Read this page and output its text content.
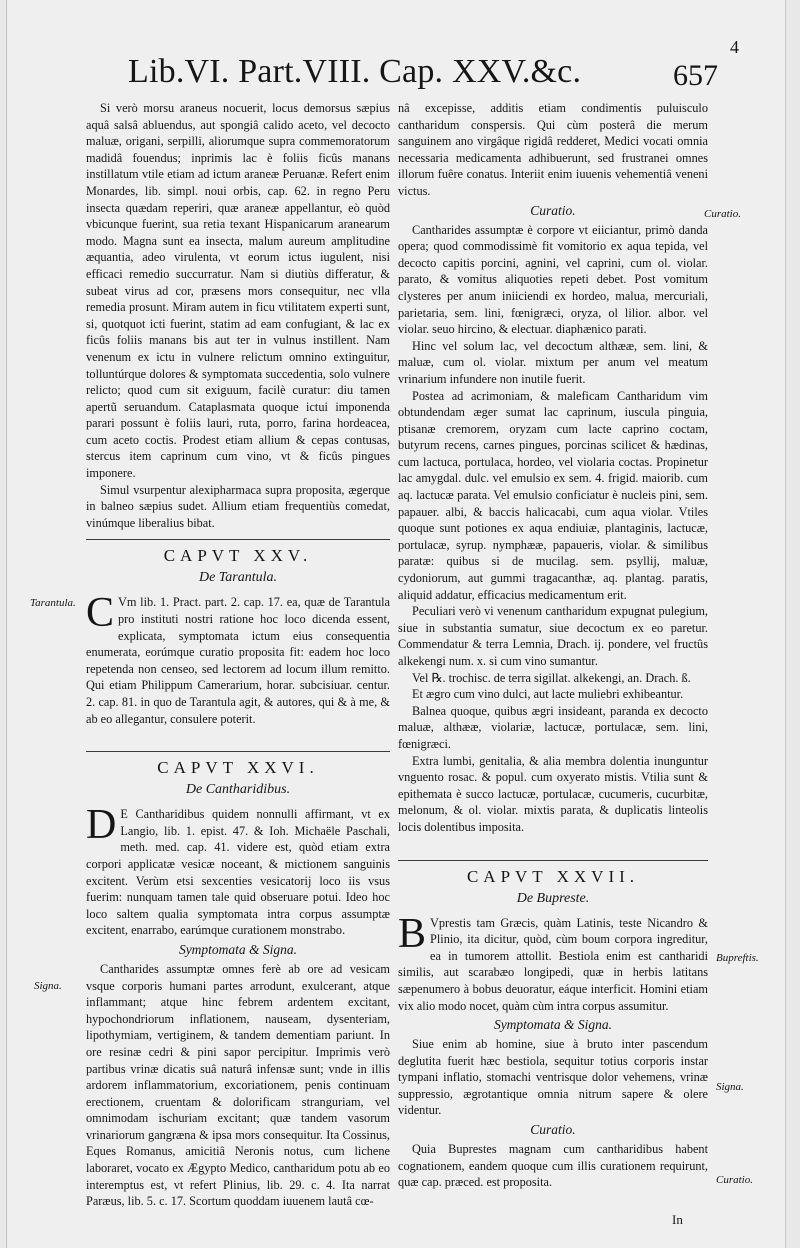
4
Lib.VI. Part.VIII. Cap. XXV.&c.	657
Curatio.
Tarantula.
Signa.
Bupreftis.
Signa.
Curatio.

Si verò morsu araneus nocuerit, locus demorsus sæpius aquâ salsâ abluendus, aut spongiâ calido aceto, vel decocto maluæ, origani, serpilli, aliorumque supra commemoratorum madidâ fouendus; inprimis lac è foliis ficûs manans instillatum vtile etiam ad ictum araneæ Peruanæ. Refert enim Monardes, lib. simpl. noui orbis, cap. 62. in regno Peru insecta quædam reperiri, quæ araneæ appellantur, eò quòd vbicunque fuerint, sua retia texant Hispanicarum aranearum modo. Magna sunt ea insecta, malum aureum amplitudine æquantia, adeo virulenta, vt eorum ictus iugulent, nisi efficaci remedio succurratur. Nam si diutiùs differatur, & subeat virus ad cor, præsens mors consequitur, nec vlla remedia prosunt. Miram autem in ficu vtilitatem experti sunt, si, quotquot icti fuerint, statim ad eam confugiant, & lac ex ficûs foliis manans bis aut ter in vulnus instillent. Nam venenum ex ictu in vulnere relictum omnino extinguitur, tolluntúrque dolores & symptomata succedentia, solo vulnere relicto; quod cum sit exiguum, facilè curatur: diu tamen apertũ seruandum. Cataplasmata quoque ictui imponenda parari possunt è foliis lauri, ruta, porro, farina hordeacea, cum aceto coctis. Prodest etiam allium & cepas contusas, stercus item caprinum cum vino, vt & ficûs pingues imponere.

Simul vsurpentur alexipharmaca supra proposita, ægerque in balneo sæpius sudet. Allium etiam frequentiùs comedat, vinúmque liberalius bibat.

CAPVT XXV.
De Tarantula.
C Vm lib. 1. Pract. part. 2. cap. 17. ea, quæ de Tarantula pro instituti nostri ratione hoc loco dicenda essent, explicata, symptomata ictum eius consequentia enumerata, eorúmque curatio proposita fit: eadem hoc loco repetenda non censeo, sed lectorem ad locum illum remitto. Qui etiam Philippum Camerarium, horar. subcisiuar. centur. 2. cap. 81. in quo de Tarantula agit, & autores, qui & à me, & ab eo allegantur, consulere poterit.

CAPVT XXVI.
De Cantharidibus.
D E Cantharidibus quidem nonnulli affirmant, vt ex Langio, lib. 1. epist. 47. & Ioh. Michaële Paschali, meth. med. cap. 41. videre est, quòd etiam extra corpori applicatæ vesicæ noceant, & mictionem sanguinis excitent. Verùm etsi sexcenties vesicatorij loco iis vsus fuerim: nunquam tamen tale quid obseruare potui. Ideo hoc loco saltem qualia symptomata intra corpus assumptæ excitent, enarrabo, earúmque curationem monstrabo.

Symptomata & Signa.

Cantharides assumptæ omnes ferè ab ore ad vesicam vsque corporis humani partes arrodunt, exulcerant, atque inflammant; atque hinc febrem ardentem excitant, hypochondriorum inflationem, nauseam, dysenteriam, lipothymiam, vertiginem, & tandem dementiam pariunt. In ore resinæ cedri & pini sapor percipitur. Imprimis verò partibus vrinæ dicatis suâ naturâ infensæ sunt; vnde in illis ardorem inflammatorium, excoriationem, penis continuam erectionem, cruentam & dolorificam stranguriam, vel omnimodam ischuriam excitant; quæ tandem vasorum vrinariorum gangræna & ipsa mors consequitur. Ita Cossinus, Eques Romanus, amicitiâ Neronis notus, cum lichene laboraret, vocato ex Ægypto Medico, cantharidum potu ab eo interemptus est, vt refert Plinius, lib. 29. c. 4. Ita narrat Paræus, lib. 5. c. 17. Scortum quoddam iuuenem lautâ cœ-

nâ excepisse, additis etiam condimentis puluisculo cantharidum conspersis. Qui cùm posterâ die merum sanguinem ano virgâque rigidâ redderet, Medici vocati omnia necessaria medicamenta adhibuerunt, sed frustranei omnes illorum fuêre conatus. Interiit enim iuuenis vehementiâ veneni victus.

Curatio.

Cantharides assumptæ è corpore vt eiiciantur, primò danda opera; quod commodissimè fit vomitorio ex aqua tepida, vel decocto capitis porcini, agnini, vel caprini, cum ol. violar. parato, & vomitus aliquoties repeti debet. Post vomitum clysteres per anum iniiciendi ex hordeo, malua, mercuriali, parietaria, sem. lini, fœnigræci, oryza, ol lilior. albor. vel violar. seuo hircino, & electuar. diaphænico parati.

Hinc vel solum lac, vel decoctum althææ, sem. lini, & maluæ, cum ol. violar. mixtum per anum vel meatum vrinarium infundere non inutile fuerit.

Postea ad acrimoniam, & maleficam Cantharidum vim obtundendam æger sumat lac caprinum, iusculа pinguia, ptisanæ cremorem, oryzam cum lacte caprino coctam, butyrum recens, carnes pingues, porcinas scilicet & hædinas, cum lactuca, portulaca, hordeo, vel violaria coctas. Propinetur lac amygdal. dulc. vel emulsio ex sem. 4. frigid. maiorib. cum aq. lactucæ parata. Vel emulsio conficiatur è nucleis pini, sem. papauer. albi, & baccis halicacabi, cum aqua violar. Vtiles quoque sunt potiones ex aqua endiuiæ, plantaginis, lactucæ, portulacæ, syrup. nymphææ, papaueris, violar. & similibus paratæ: quibus si de mucilag. sem. psyllij, maluæ, cydoniorum, aut gummi tragacanthæ, aq. plantag. paratis, aliquid addatur, efficacius medicamentum erit.

Peculiari verò vi venenum cantharidum expugnat pulegium, siue in substantia sumatur, siue decoctum ex eo paretur. Commendatur & terra Lemnia, Drach. ij. pondere, vel fructûs alkekengi num. x. si cum vino sumantur.

Vel ℞. trochisc. de terra sigillat. alkekengi, an. Drach. ß.

Et ægro cum vino dulci, aut lacte muliebri exhibeantur.

Balnea quoque, quibus ægri insideant, paranda ex decocto maluæ, althææ, violariæ, lactucæ, portulacæ, sem. lini, fœnigræci.

Extra lumbi, genitalia, & alia membra dolentia inunguntur vnguento rosac. & popul. cum oxyerato mistis. Vtilia sunt & epithemata è succo lactucæ, portulacæ, cucumeris, cucurbitæ, melonum, & ol. violar. mixtis parata, & duplicatis linteolis locis dolentibus imposita.

CAPVT XXVII.
De Bupreste.
B Vprestis tam Græcis, quàm Latinis, teste Nicandro & Plinio, ita dicitur, quòd, cùm boum corpora ingreditur, ea in tumorem attollit. Bestiola enim est cantharidi similis, aut scarabæo longipedi, quæ in herbis latitans sæpenumero à bobus deuoratur, eáque interficit. Homini etiam vix alio modo nocet, quàm cùm intra corpus assumitur.

Symptomata & Signa.

Siue enim ab homine, siue à bruto inter pascendum deglutita fuerit hæc bestiola, sequitur totius corporis instar tympani inflatio, stomachi ventrisque dolor vehemens, vrinæ suppressio, ægrotantique omnia nitrum sapere & olere videntur.

Curatio.

Quia Buprestes magnam cum cantharidibus habent cognationem, eandem quoque cum illis curationem requirunt, quæ cap. præced. est proposita.

In
